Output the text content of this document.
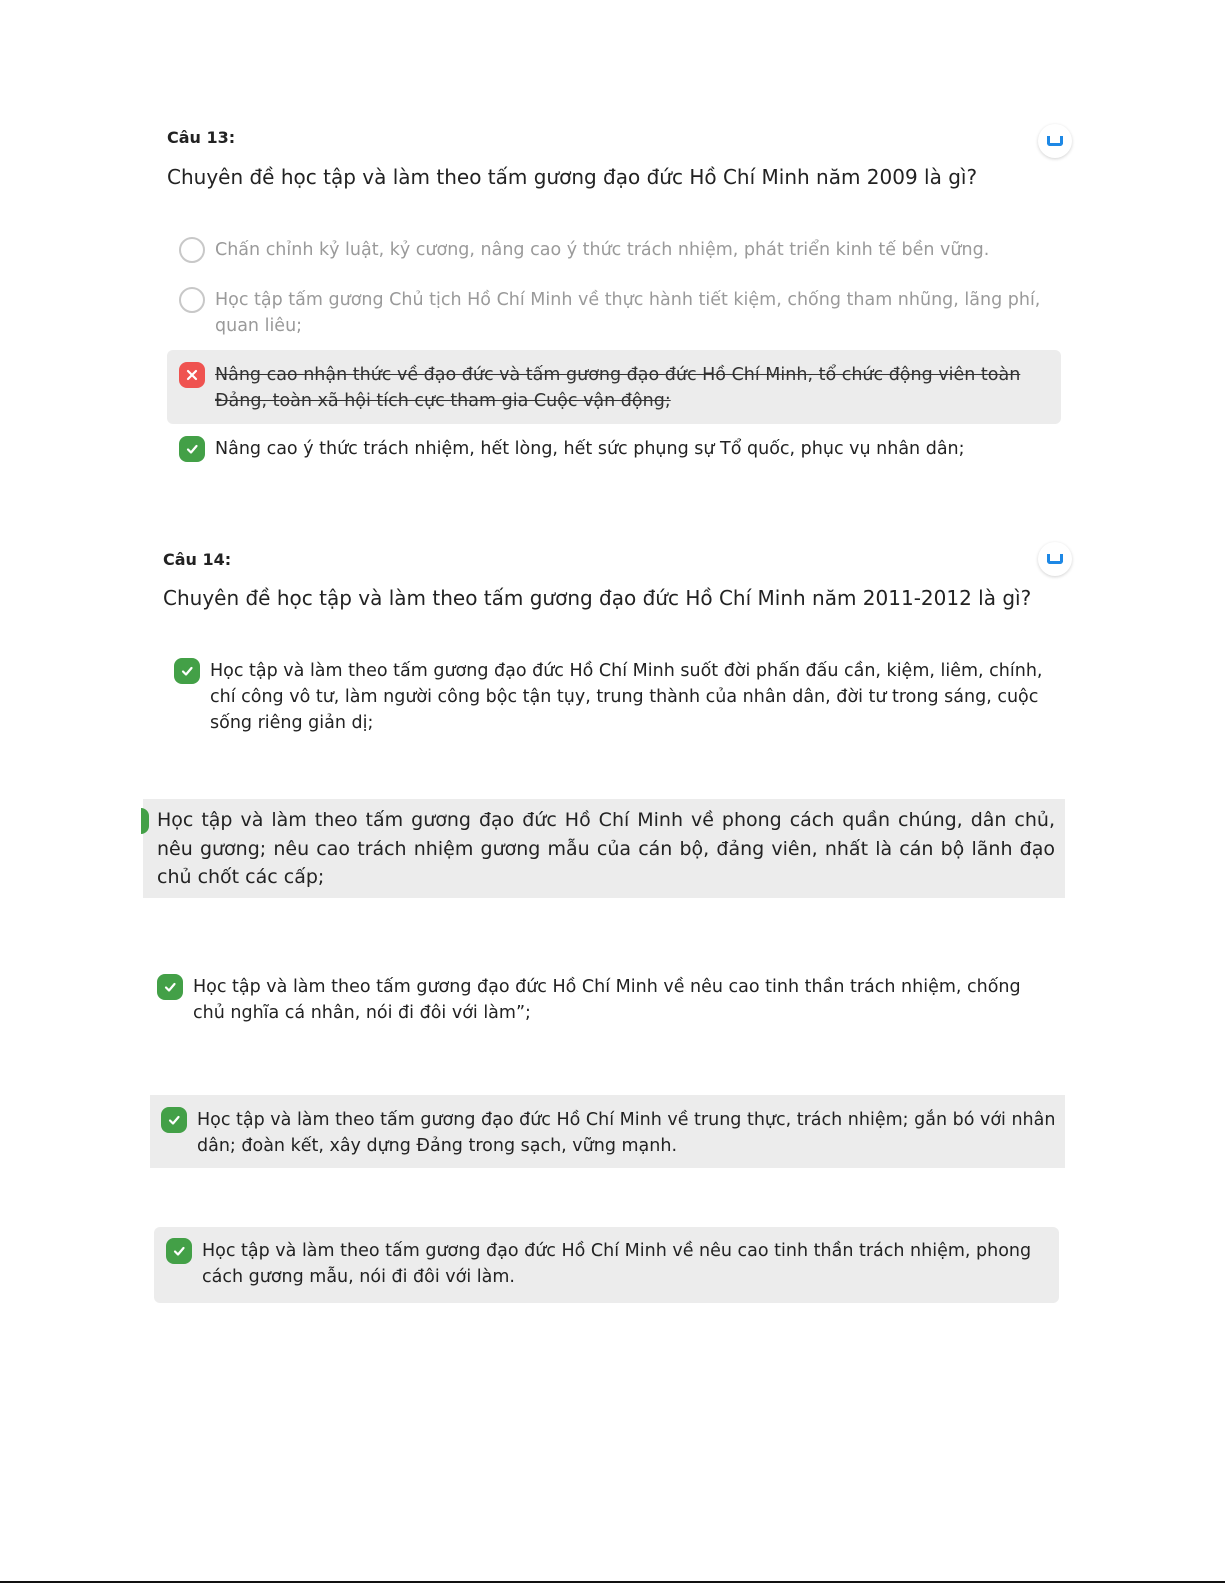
Câu 13:
Chuyên đề học tập và làm theo tấm gương đạo đức Hồ Chí Minh năm 2009 là gì?
Chấn chỉnh kỷ luật, kỷ cương, nâng cao ý thức trách nhiệm, phát triển kinh tế bền vững.
Học tập tấm gương Chủ tịch Hồ Chí Minh về thực hành tiết kiệm, chống tham nhũng, lãng phí, quan liêu;
Nâng cao nhận thức về đạo đức và tấm gương đạo đức Hồ Chí Minh, tổ chức động viên toàn Đảng, toàn xã hội tích cực tham gia Cuộc vận động;
Nâng cao ý thức trách nhiệm, hết lòng, hết sức phụng sự Tổ quốc, phục vụ nhân dân;
Câu 14:
Chuyên đề học tập và làm theo tấm gương đạo đức Hồ Chí Minh năm 2011-2012 là gì?
Học tập và làm theo tấm gương đạo đức Hồ Chí Minh suốt đời phấn đấu cần, kiệm, liêm, chính, chí công vô tư, làm người công bộc tận tụy, trung thành của nhân dân, đời tư trong sáng, cuộc sống riêng giản dị;
Học tập và làm theo tấm gương đạo đức Hồ Chí Minh về phong cách quần chúng, dân chủ, nêu gương; nêu cao trách nhiệm gương mẫu của cán bộ, đảng viên, nhất là cán bộ lãnh đạo chủ chốt các cấp;
Học tập và làm theo tấm gương đạo đức Hồ Chí Minh về nêu cao tinh thần trách nhiệm, chống chủ nghĩa cá nhân, nói đi đôi với làm”;
Học tập và làm theo tấm gương đạo đức Hồ Chí Minh về trung thực, trách nhiệm; gắn bó với nhân dân; đoàn kết, xây dựng Đảng trong sạch, vững mạnh.
Học tập và làm theo tấm gương đạo đức Hồ Chí Minh về nêu cao tinh thần trách nhiệm, phong cách gương mẫu, nói đi đôi với làm.
